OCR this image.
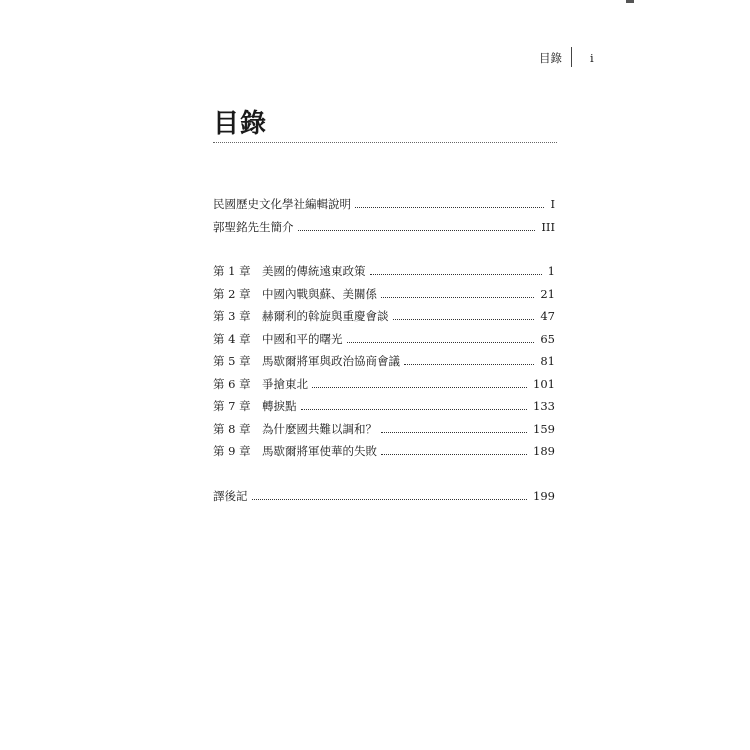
目錄 i
目錄
民國歷史文化學社編輯說明	I
郭聖銘先生簡介	III
第 1 章 美國的傳統遠東政策	1
第 2 章 中國內戰與蘇、美關係	21
第 3 章 赫爾利的斡旋與重慶會談	47
第 4 章 中國和平的曙光	65
第 5 章 馬歇爾將軍與政治協商會議	81
第 6 章 爭搶東北	101
第 7 章 轉捩點	133
第 8 章 為什麼國共難以調和？	159
第 9 章 馬歇爾將軍使華的失敗	189
譯後記	199
